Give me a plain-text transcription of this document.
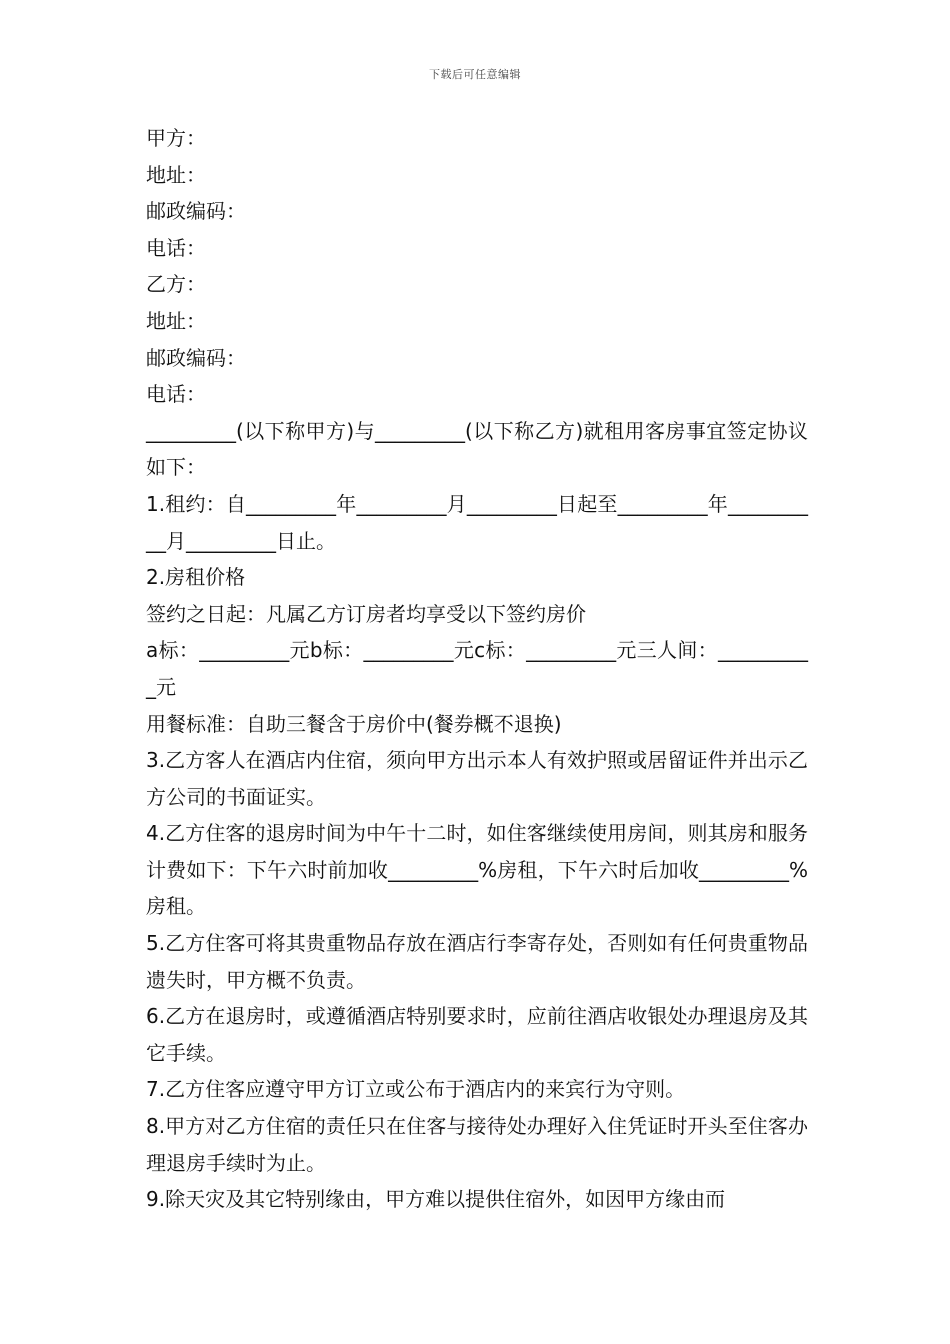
下载后可任意编辑
甲方：
地址：
邮政编码：
电话：
乙方：
地址：
邮政编码：
电话：
_________(以下称甲方)与_________(以下称乙方)就租用客房事宜签定协议如下：
1.租约：自_________年_________月_________日起至_________年__________月_________日止。
2.房租价格
签约之日起：凡属乙方订房者均享受以下签约房价
a标：_________元b标：_________元c标：_________元三人间：__________元
用餐标准：自助三餐含于房价中(餐券概不退换)
3.乙方客人在酒店内住宿，须向甲方出示本人有效护照或居留证件并出示乙方公司的书面证实。
4.乙方住客的退房时间为中午十二时，如住客继续使用房间，则其房和服务计费如下：下午六时前加收_________%房租，下午六时后加收_________%房租。
5.乙方住客可将其贵重物品存放在酒店行李寄存处，否则如有任何贵重物品遗失时，甲方概不负责。
6.乙方在退房时，或遵循酒店特别要求时，应前往酒店收银处办理退房及其它手续。
7.乙方住客应遵守甲方订立或公布于酒店内的来宾行为守则。
8.甲方对乙方住宿的责任只在住客与接待处办理好入住凭证时开头至住客办理退房手续时为止。
9.除天灾及其它特别缘由，甲方难以提供住宿外，如因甲方缘由而
